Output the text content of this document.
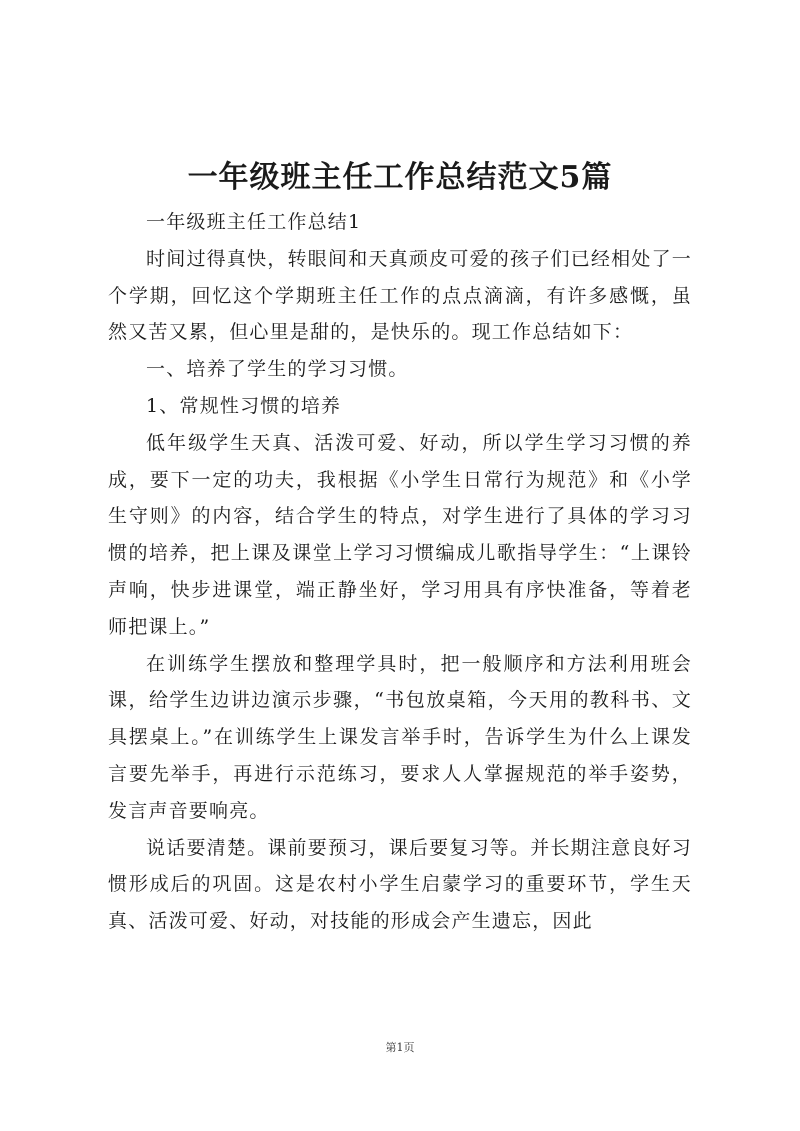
一年级班主任工作总结范文5篇

一年级班主任工作总结1

时间过得真快，转眼间和天真顽皮可爱的孩子们已经相处了一个学期，回忆这个学期班主任工作的点点滴滴，有许多感慨，虽然又苦又累，但心里是甜的，是快乐的。现工作总结如下：

一、培养了学生的学习习惯。

1、常规性习惯的培养

低年级学生天真、活泼可爱、好动，所以学生学习习惯的养成，要下一定的功夫，我根据《小学生日常行为规范》和《小学生守则》的内容，结合学生的特点，对学生进行了具体的学习习惯的培养，把上课及课堂上学习习惯编成儿歌指导学生：“上课铃声响，快步进课堂，端正静坐好，学习用具有序快准备，等着老师把课上。”

在训练学生摆放和整理学具时，把一般顺序和方法利用班会课，给学生边讲边演示步骤，“书包放桌箱，今天用的教科书、文具摆桌上。”在训练学生上课发言举手时，告诉学生为什么上课发言要先举手，再进行示范练习，要求人人掌握规范的举手姿势，发言声音要响亮。

说话要清楚。课前要预习，课后要复习等。并长期注意良好习惯形成后的巩固。这是农村小学生启蒙学习的重要环节，学生天真、活泼可爱、好动，对技能的形成会产生遗忘，因此

第1页
